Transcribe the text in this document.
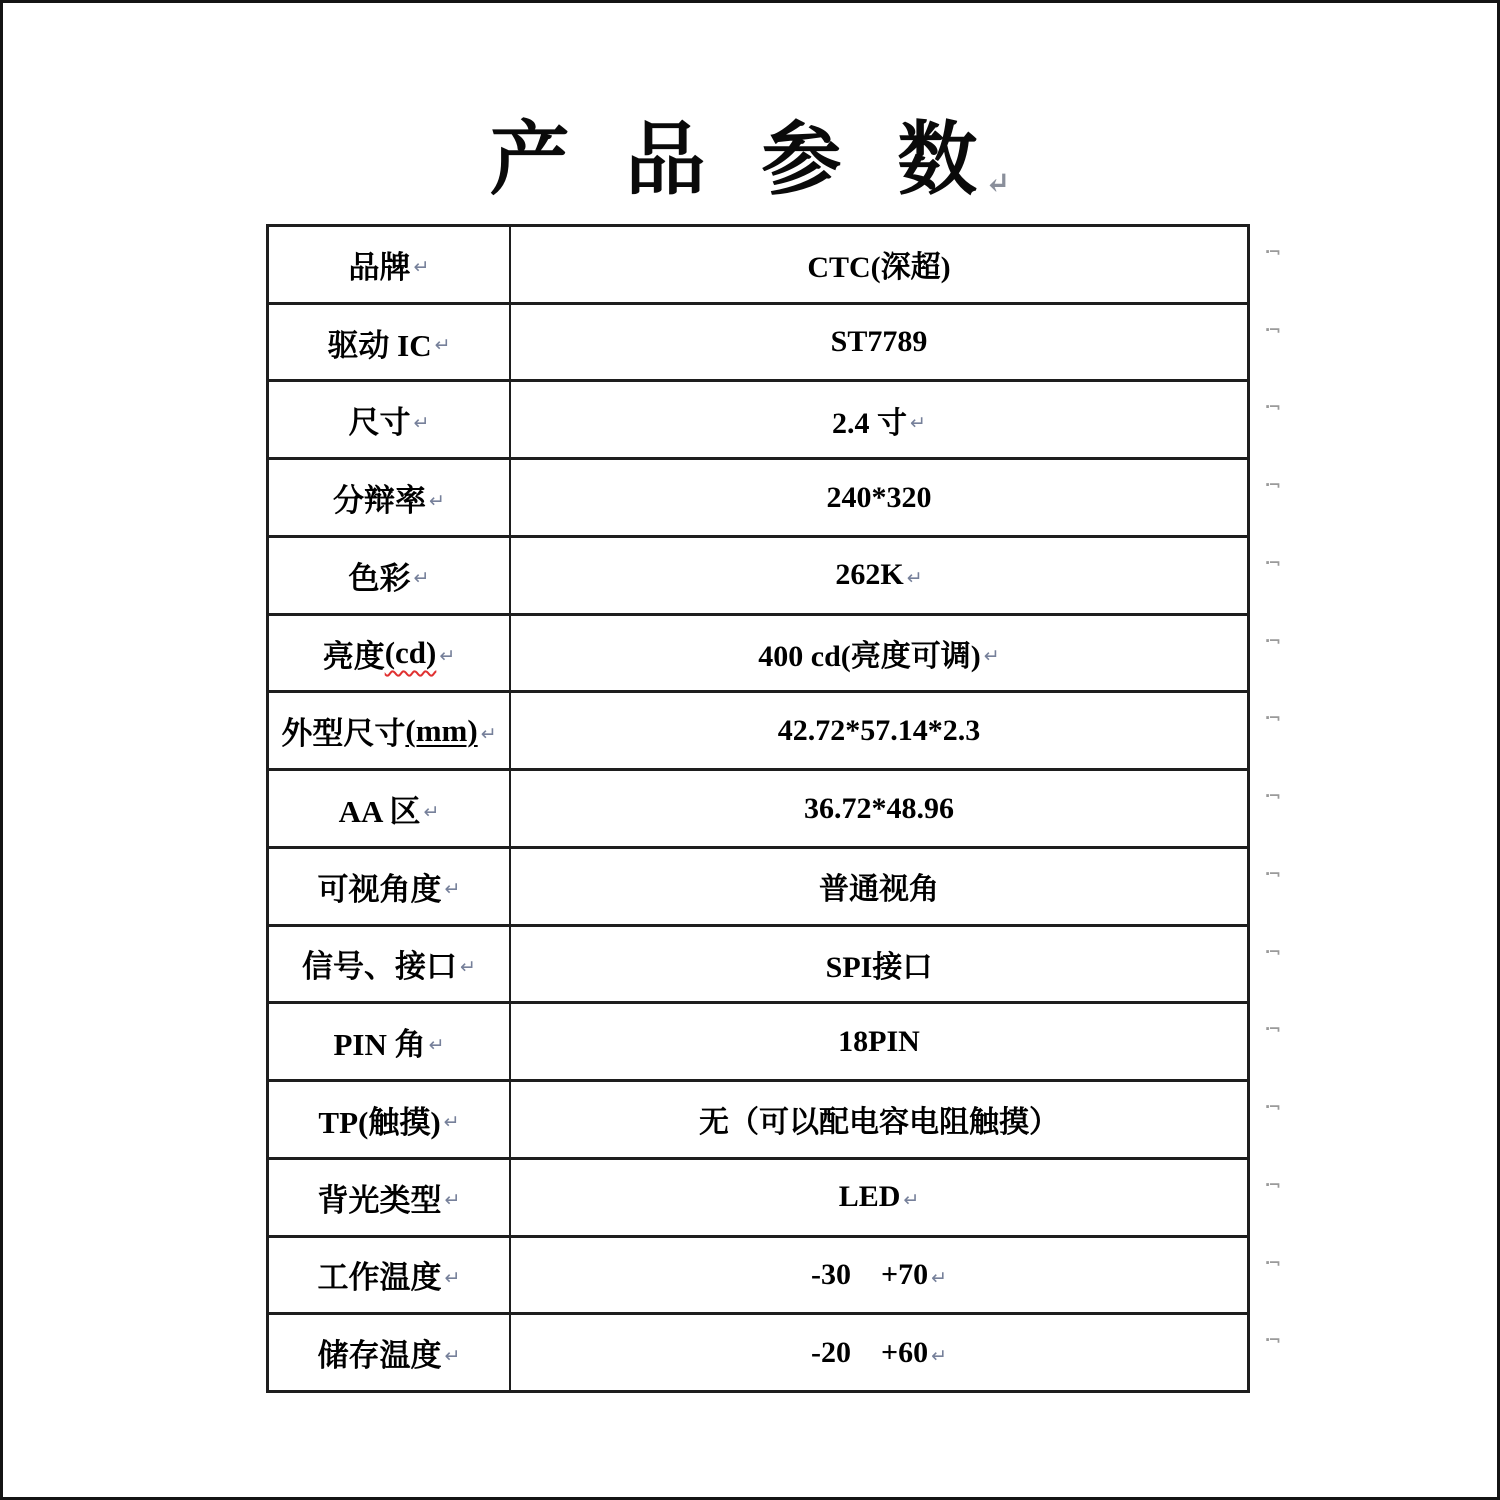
产 品 参 数↵
·¬
品牌 ↵	CTC(深超)
·¬
驱动 IC ↵	ST7789
·¬
尺寸 ↵	2.4 寸 ↵
·¬
分辩率 ↵	240*320
·¬
色彩 ↵	262K ↵
·¬
亮度 (cd) ↵	400 cd(亮度可调) ↵
·¬
外型尺寸 (mm) ↵	42.72*57.14*2.3
·¬
AA 区 ↵	36.72*48.96
·¬
可视角度 ↵	普通视角
·¬
信号、接口 ↵	SPI接口
·¬
PIN 角 ↵	18PIN
·¬
TP(触摸) ↵	无（可以配电容电阻触摸）
·¬
背光类型 ↵	LED ↵
·¬
工作温度 ↵	-30    +70 ↵
·¬
储存温度 ↵	-20    +60 ↵
